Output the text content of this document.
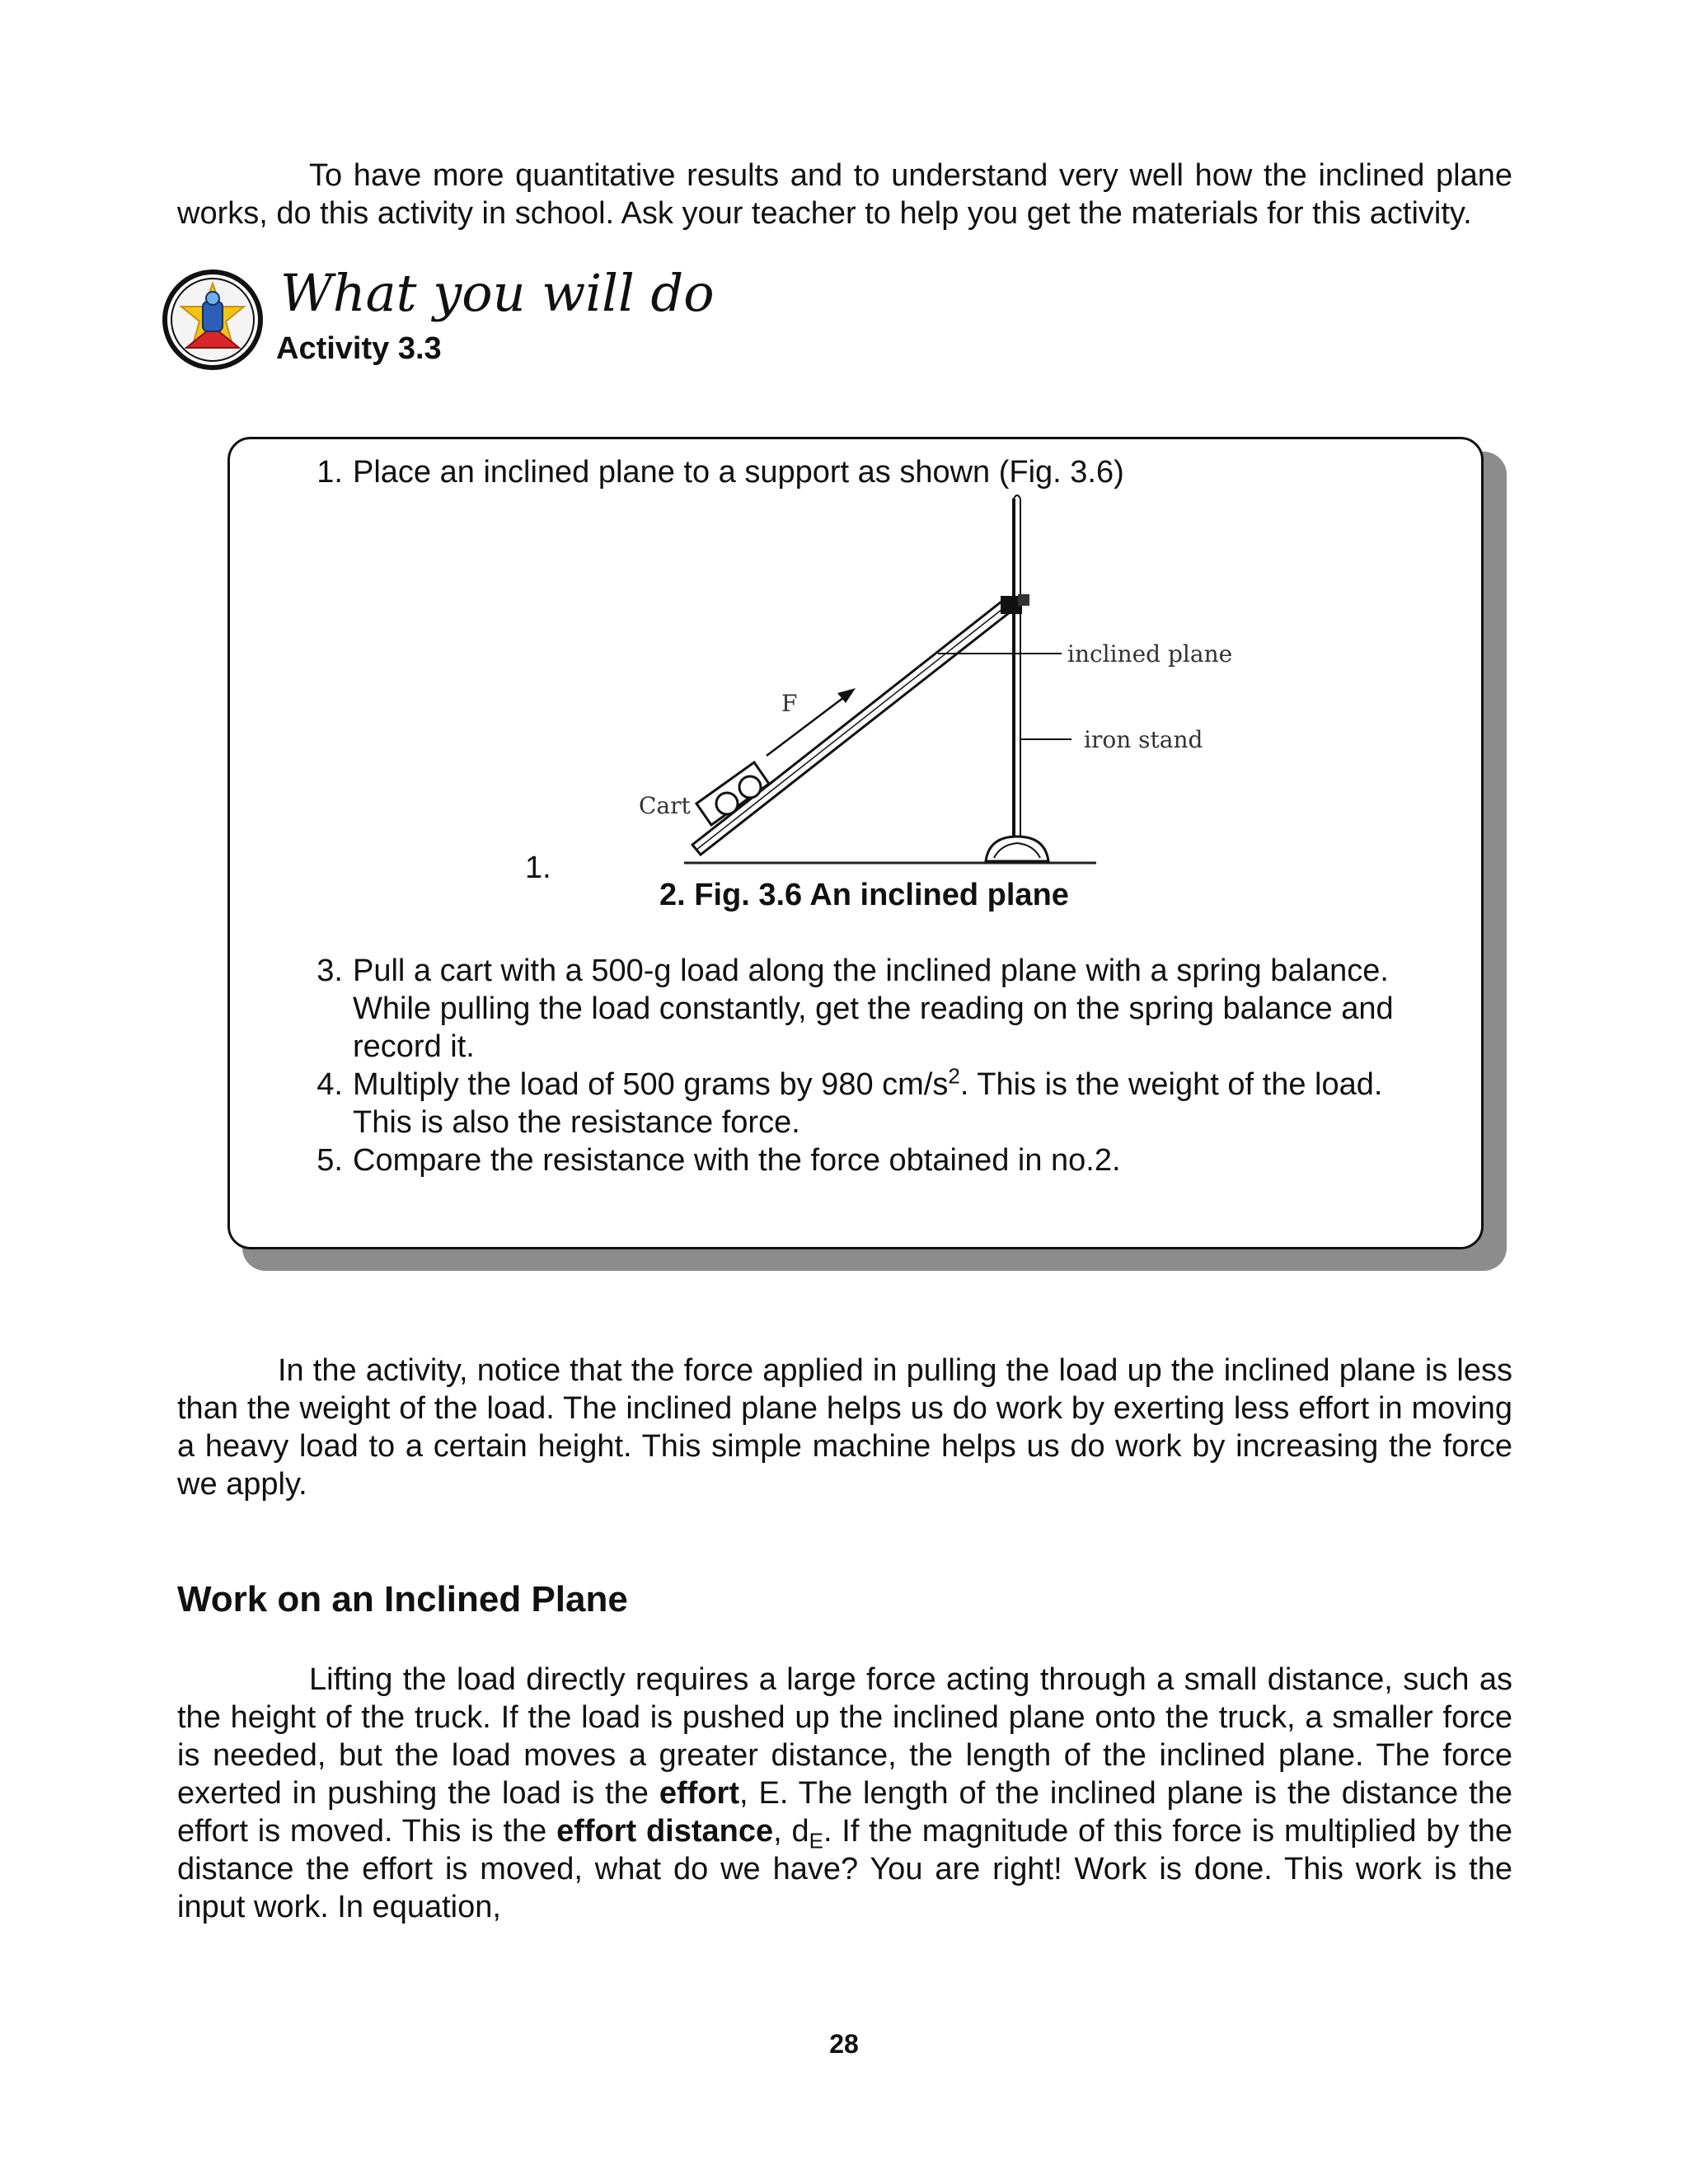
To have more quantitative results and to understand very well how the inclined plane works, do this activity in school. Ask your teacher to help you get the materials for this activity.

What you will do
Activity 3.3
1. Place an inclined plane to a support as shown (Fig. 3.6)
inclined plane
iron stand
F
Cart
1.
2. Fig. 3.6 An inclined plane
3. Pull a cart with a 500-g load along the inclined plane with a spring balance. While pulling the load constantly, get the reading on the spring balance and record it.
4. Multiply the load of 500 grams by 980 $cm/s^2$. This is the weight of the load. This is also the resistance force.
5. Compare the resistance with the force obtained in no.2.

In the activity, notice that the force applied in pulling the load up the inclined plane is less than the weight of the load. The inclined plane helps us do work by exerting less effort in moving a heavy load to a certain height. This simple machine helps us do work by increasing the force we apply.

Work on an Inclined Plane

Lifting the load directly requires a large force acting through a small distance, such as the height of the truck. If the load is pushed up the inclined plane onto the truck, a smaller force is needed, but the load moves a greater distance, the length of the inclined plane. The force exerted in pushing the load is the effort, E. The length of the inclined plane is the distance the effort is moved. This is the effort distance, $d_E$. If the magnitude of this force is multiplied by the distance the effort is moved, what do we have? You are right! Work is done. This work is the input work. In equation,

28
